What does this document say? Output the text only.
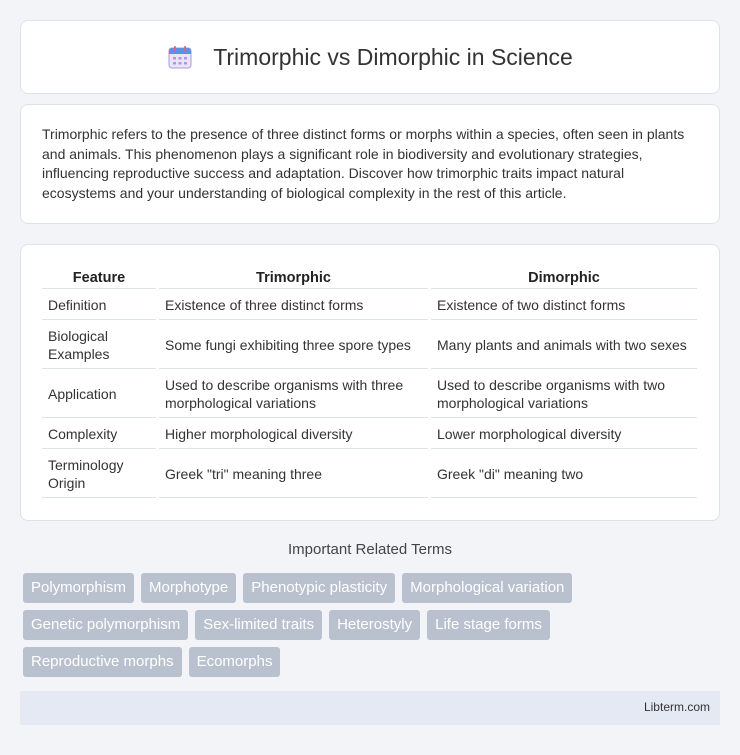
Trimorphic vs Dimorphic in Science

Trimorphic refers to the presence of three distinct forms or morphs within a species, often seen in plants and animals. This phenomenon plays a significant role in biodiversity and evolutionary strategies, influencing reproductive success and adaptation. Discover how trimorphic traits impact natural ecosystems and your understanding of biological complexity in the rest of this article.

Feature	Trimorphic	Dimorphic
Definition	Existence of three distinct forms	Existence of two distinct forms
Biological Examples	Some fungi exhibiting three spore types	Many plants and animals with two sexes
Application	Used to describe organisms with three morphological variations	Used to describe organisms with two morphological variations
Complexity	Higher morphological diversity	Lower morphological diversity
Terminology Origin	Greek "tri" meaning three	Greek "di" meaning two
Important Related Terms
Polymorphism	Morphotype	Phenotypic plasticity	Morphological variation
Genetic polymorphism	Sex-limited traits	Heterostyly	Life stage forms
Reproductive morphs	Ecomorphs
Libterm.com
